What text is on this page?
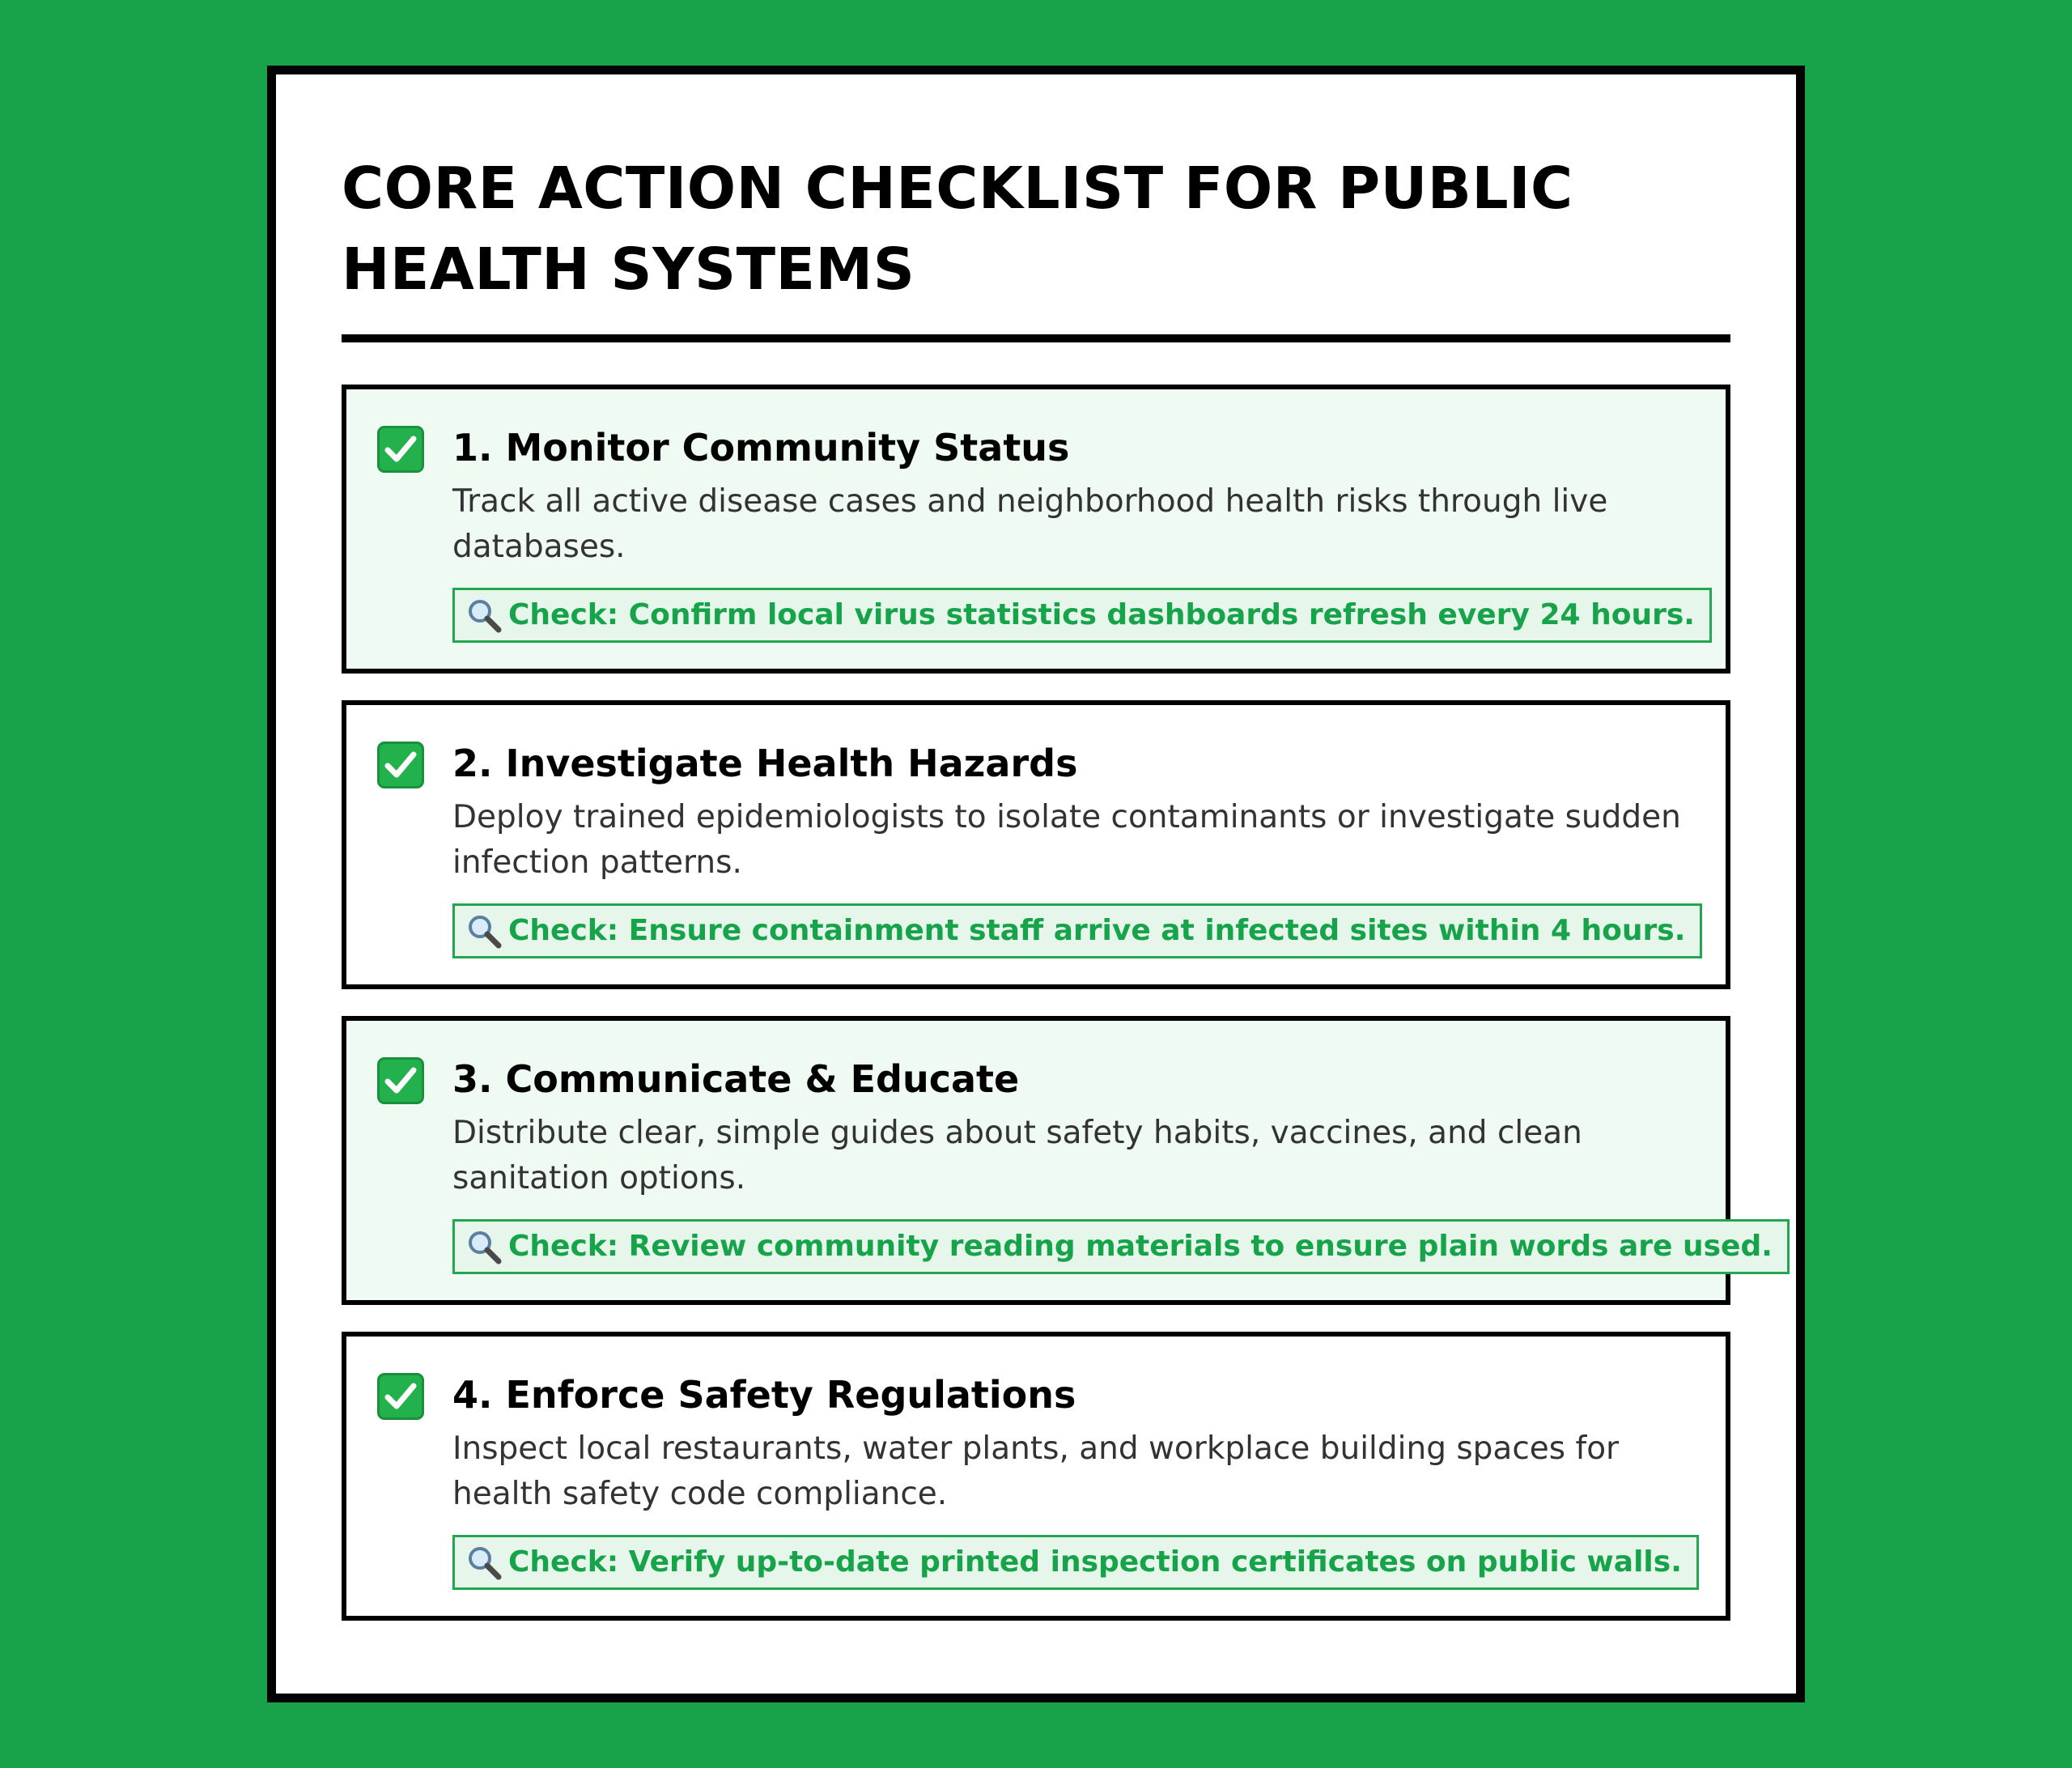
CORE ACTION CHECKLIST FOR PUBLIC HEALTH SYSTEMS
1. Monitor Community Status
Track all active disease cases and neighborhood health risks through live databases.
Check: Confirm local virus statistics dashboards refresh every 24 hours.
2. Investigate Health Hazards
Deploy trained epidemiologists to isolate contaminants or investigate sudden infection patterns.
Check: Ensure containment staff arrive at infected sites within 4 hours.
3. Communicate & Educate
Distribute clear, simple guides about safety habits, vaccines, and clean sanitation options.
Check: Review community reading materials to ensure plain words are used.
4. Enforce Safety Regulations
Inspect local restaurants, water plants, and workplace building spaces for health safety code compliance.
Check: Verify up-to-date printed inspection certificates on public walls.
